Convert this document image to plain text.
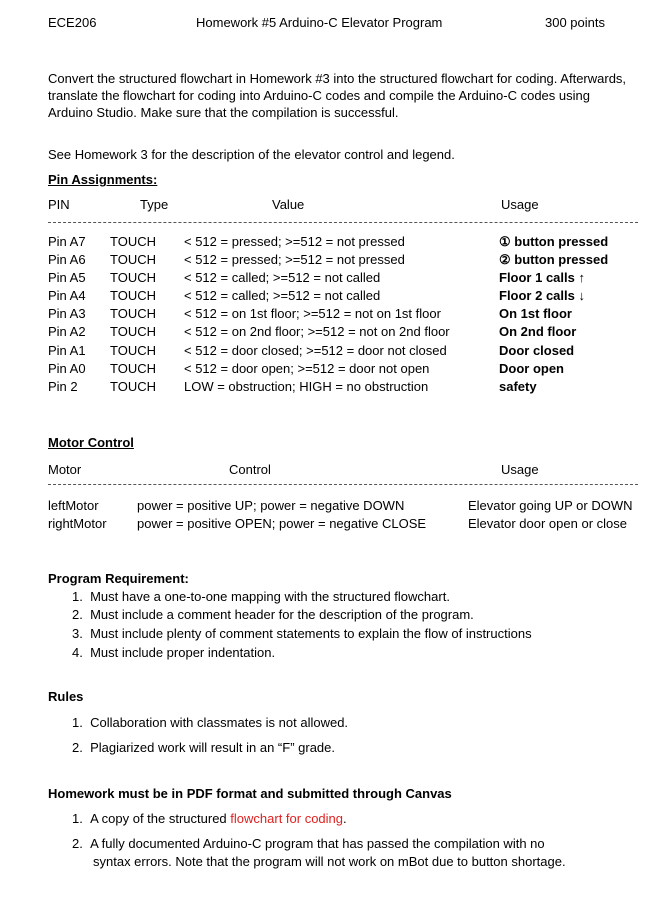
ECE206	Homework #5 Arduino-C Elevator Program	300 points
Convert the structured flowchart in Homework #3 into the structured flowchart for coding. Afterwards, translate the flowchart for coding into Arduino-C codes and compile the Arduino-C codes using Arduino Studio. Make sure that the compilation is successful.
See Homework 3 for the description of the elevator control and legend.
Pin Assignments:
PIN	Type	Value	Usage
Pin A7 TOUCH < 512 = pressed; >=512 = not pressed	① button pressed
Pin A6 TOUCH < 512 = pressed; >=512 = not pressed	② button pressed
Pin A5 TOUCH < 512 = called; >=512 = not called	Floor 1 calls ↑
Pin A4 TOUCH < 512 = called; >=512 = not called	Floor 2 calls ↓
Pin A3 TOUCH < 512 = on 1st floor; >=512 = not on 1st floor	On 1st floor
Pin A2 TOUCH < 512 = on 2nd floor; >=512 = not on 2nd floor	On 2nd floor
Pin A1 TOUCH < 512 = door closed; >=512 = door not closed	Door closed
Pin A0 TOUCH < 512 = door open; >=512 = door not open	Door open
Pin 2 TOUCH LOW = obstruction; HIGH = no obstruction	safety
Motor Control
Motor	Control	Usage
leftMotor	power = positive UP; power = negative DOWN	Elevator going UP or DOWN
rightMotor power = positive OPEN; power = negative CLOSE	Elevator door open or close
Program Requirement:
1.  Must have a one-to-one mapping with the structured flowchart.
2.  Must include a comment header for the description of the program.
3.  Must include plenty of comment statements to explain the flow of instructions
4.  Must include proper indentation.
Rules
1.  Collaboration with classmates is not allowed.
2.  Plagiarized work will result in an “F” grade.
Homework must be in PDF format and submitted through Canvas
1.  A copy of the structured flowchart for coding.
2.  A fully documented Arduino-C program that has passed the compilation with no
syntax errors. Note that the program will not work on mBot due to button shortage.
